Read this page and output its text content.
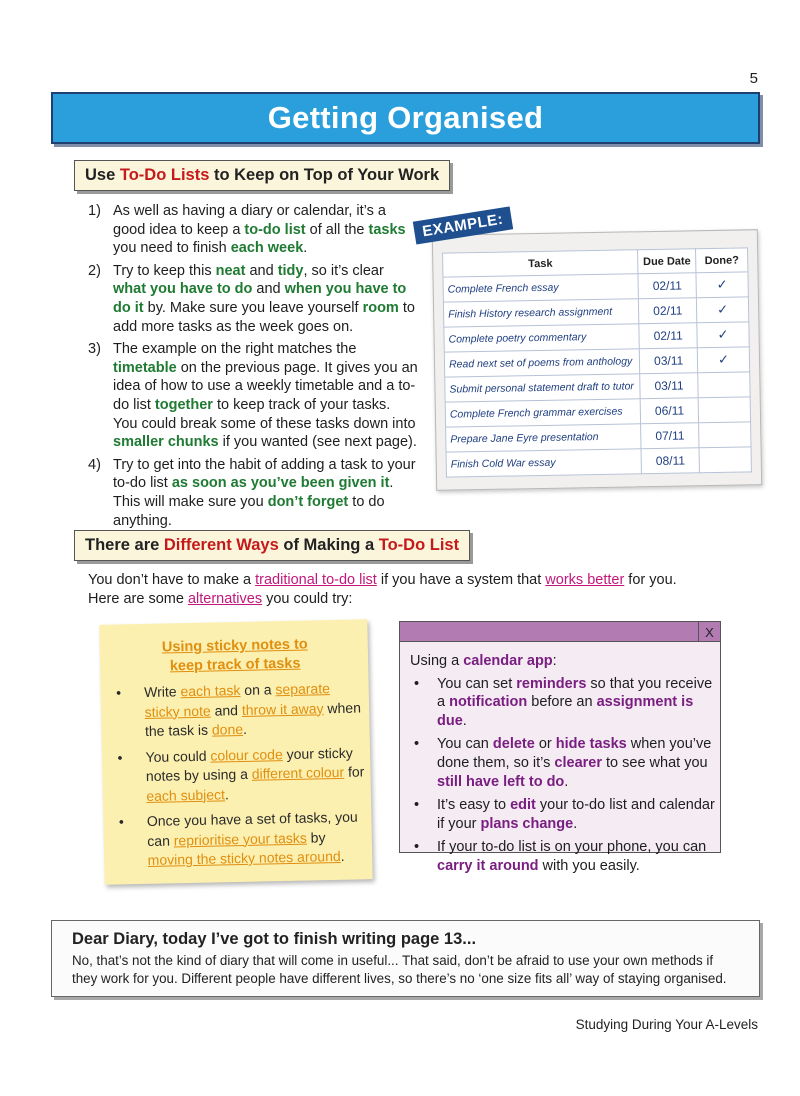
5
Getting Organised
Use To-Do Lists to Keep on Top of Your Work
1) As well as having a diary or calendar, it’s a good idea to keep a to-do list of all the tasks you need to finish each week.
2) Try to keep this neat and tidy, so it’s clear what you have to do and when you have to do it by. Make sure you leave yourself room to add more tasks as the week goes on.
3) The example on the right matches the timetable on the previous page. It gives you an idea of how to use a weekly timetable and a to-do list together to keep track of your tasks. You could break some of these tasks down into smaller chunks if you wanted (see next page).
4) Try to get into the habit of adding a task to your to-do list as soon as you’ve been given it. This will make sure you don’t forget to do anything.
EXAMPLE:
Task	Due Date	Done?
Complete French essay	02/11	✓
Finish History research assignment	02/11	✓
Complete poetry commentary	02/11	✓
Read next set of poems from anthology	03/11	✓
Submit personal statement draft to tutor	03/11	
Complete French grammar exercises	06/11	
Prepare Jane Eyre presentation	07/11	
Finish Cold War essay	08/11	
There are Different Ways of Making a To-Do List
You don’t have to make a traditional to-do list if you have a system that works better for you.
Here are some alternatives you could try:
Using sticky notes to
keep track of tasks
• Write each task on a separate sticky note and throw it away when the task is done.
• You could colour code your sticky notes by using a different colour for each subject.
• Once you have a set of tasks, you can reprioritise your tasks by moving the sticky notes around.
X
Using a calendar app:
• You can set reminders so that you receive a notification before an assignment is due.
• You can delete or hide tasks when you’ve done them, so it’s clearer to see what you still have left to do.
• It’s easy to edit your to-do list and calendar if your plans change.
• If your to-do list is on your phone, you can carry it around with you easily.
Dear Diary, today I’ve got to finish writing page 13...

No, that’s not the kind of diary that will come in useful... That said, don’t be afraid to use your own methods if they work for you. Different people have different lives, so there’s no ‘one size fits all’ way of staying organised.

Studying During Your A-Levels
